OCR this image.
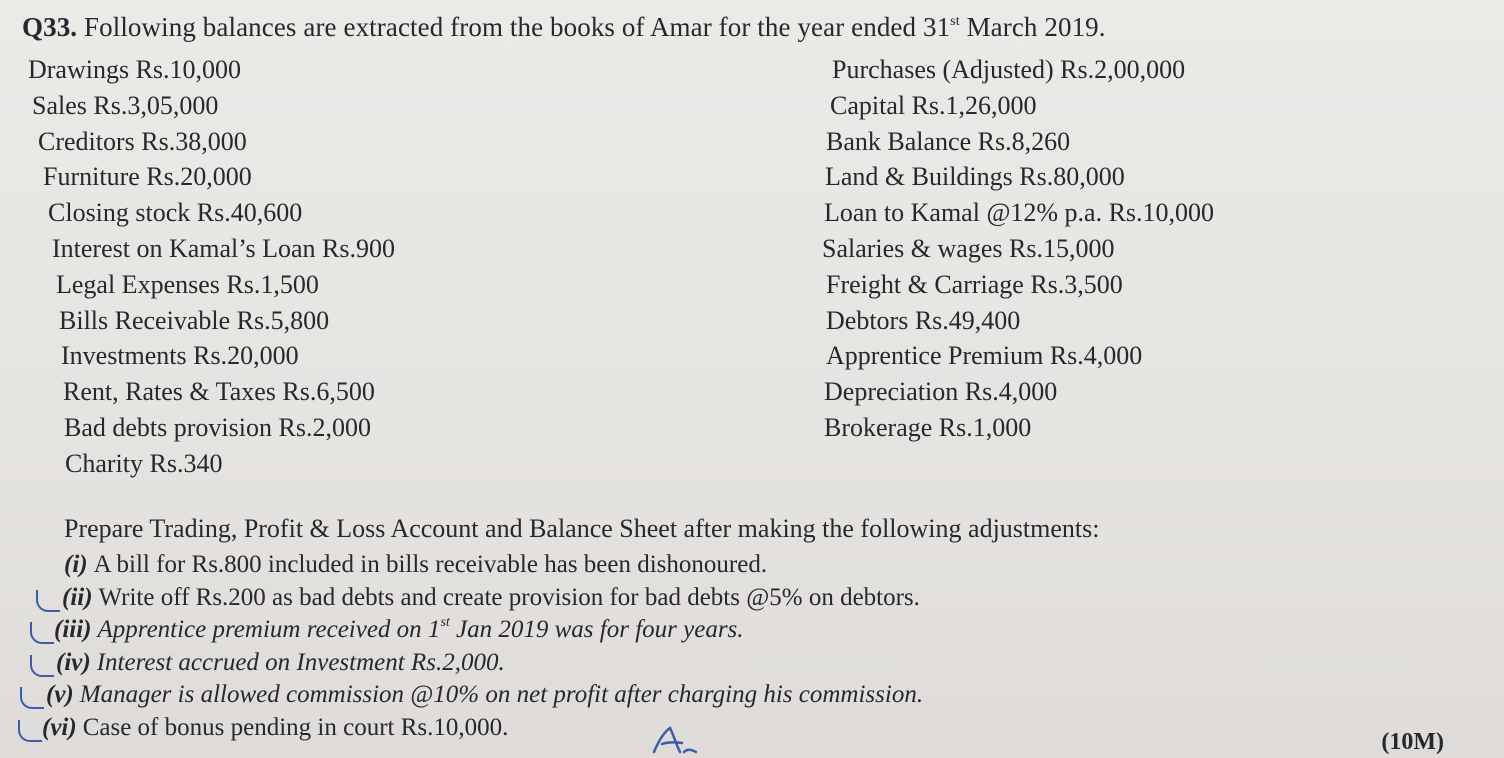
Q33. Following balances are extracted from the books of Amar for the year ended 31st March 2019.
Drawings Rs.10,000
Sales Rs.3,05,000
Creditors Rs.38,000
Furniture Rs.20,000
Closing stock Rs.40,600
Interest on Kamal’s Loan Rs.900
Legal Expenses Rs.1,500
Bills Receivable Rs.5,800
Investments Rs.20,000
Rent, Rates & Taxes Rs.6,500
Bad debts provision Rs.2,000
Charity Rs.340
Purchases (Adjusted) Rs.2,00,000
Capital Rs.1,26,000
Bank Balance Rs.8,260
Land & Buildings Rs.80,000
Loan to Kamal @12% p.a. Rs.10,000
Salaries & wages Rs.15,000
Freight & Carriage Rs.3,500
Debtors Rs.49,400
Apprentice Premium Rs.4,000
Depreciation Rs.4,000
Brokerage Rs.1,000
Prepare Trading, Profit & Loss Account and Balance Sheet after making the following adjustments:
(i) A bill for Rs.800 included in bills receivable has been dishonoured.
(ii) Write off Rs.200 as bad debts and create provision for bad debts @5% on debtors.
(iii) Apprentice premium received on 1st Jan 2019 was for four years.
(iv) Interest accrued on Investment Rs.2,000.
(v) Manager is allowed commission @10% on net profit after charging his commission.
(vi) Case of bonus pending in court Rs.10,000.
(10M)
